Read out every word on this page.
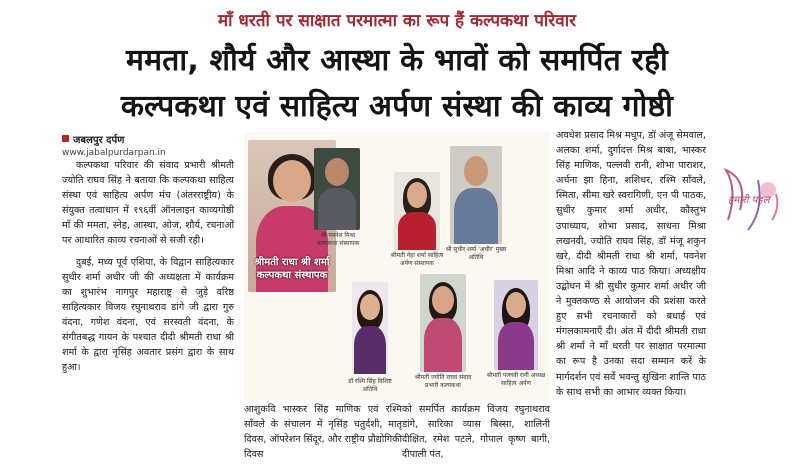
माँ धरती पर साक्षात परमात्मा का रूप हैं कल्पकथा परिवार
ममता, शौर्य और आस्था के भावों को समर्पित रही
कल्पकथा एवं साहित्य अर्पण संस्था की काव्य गोष्ठी
जबलपुर दर्पण
www.jabalpurdarpan.in

कल्पकथा परिवार की संवाद प्रभारी श्रीमती ज्योति राघव सिंह ने बताया कि कल्पकथा साहित्य संस्था एवं साहित्य अर्पण मंच (अंतरराष्ट्रीय) के संयुक्त तत्वाधान में १९६वीं ऑनलाइन काव्यगोष्ठी माँ की ममता, स्नेह, आस्था, ओज, शौर्य, रचनाओं पर आधारित काव्य रचनाओं से सजी रही।

दुबई, मध्य पूर्व एशिया, के विद्वान साहित्यकार सुधीर शर्मा अधीर जी की अध्यक्षता में कार्यक्रम का शुभारंभ नागपुर महाराष्ट्र से जुड़े वरिष्ठ साहित्यकार विजय रघुनाथराव डांगे जी द्वारा गुरु वंदना, गणेश वंदना, एवं सरस्वती वंदना, के संगीतबद्ध गायन के पश्चात दीदी श्रीमती राधा श्री शर्मा के द्वारा नृसिंह अवतार प्रसंग द्वारा के साथ हुआ।

श्रीमती राधा श्री शर्मा कल्पकथा संस्थापक
श्री पवनेश मिश्रा कल्पकथा संस्थापक
श्रीमती नेहा शर्मा साहित्य अर्पण संस्थापक
श्री सुधीर शर्मा 'अधीर' मुख्य अतिथि
डॉ रश्मि सिंह विशिष्ट अतिथि
श्रीमती ज्योति राघव संवाद प्रभारी कल्पकथा
श्रीमती पल्लवी रानी अध्यक्ष साहित्य अर्पण

आशुकवि भास्कर सिंह माणिक एवं रश्मि साँवले के संचालन में नृसिंह चतुर्दशी, मातृ दिवस, ऑपरेशन सिंदूर, और राष्ट्रीय प्रौद्योगिकी दिवस

को समर्पित कार्यक्रम विजय रघुनाथराव डांगे, सारिका व्यास बिस्सा, शालिनी दीक्षित, रमेश पटले, गोपाल कृष्ण बागी, दीपाली पंत,

अवधेश प्रसाद मिश्र मधुप, डॉ अंजू सेमवाल, अलका शर्मा, दुर्गादत्त मिश्र बाबा, भास्कर सिंह माणिक, पल्लवी रानी, शोभा पाराशर, अर्चना झा हिना, शशिधर, रश्मि साँवले, स्मिता, सीमा खरे स्वरागिणी, एन पी पाठक, सुधीर कुमार शर्मा अधीर, कौस्तुभ उपाध्याय, शोभा प्रसाद, साधना मिश्रा लखनवी, ज्योति राघव सिंह, डॉ मंजू शकुन खरे, दीदी श्रीमती राधा श्री शर्मा, पवनेश मिश्रा आदि ने काव्य पाठ किया। अध्यक्षीय उद्बोधन में श्री सुधीर कुमार शर्मा अधीर जी ने मुक्तकण्ठ से आयोजन की प्रशंसा करते हुए सभी रचनाकारों को बधाई एवं मंगलकामनाएँ दी। अंत में दीदी श्रीमती राधा श्री शर्मा ने माँ धरती पर साक्षात परमात्मा का रूप है उनका सदा सम्मान करें के मार्गदर्शन एवं सर्वे भवन्तु सुखिनः शान्ति पाठ के साथ सभी का आभार व्यक्त किया।

हमारी पहल
